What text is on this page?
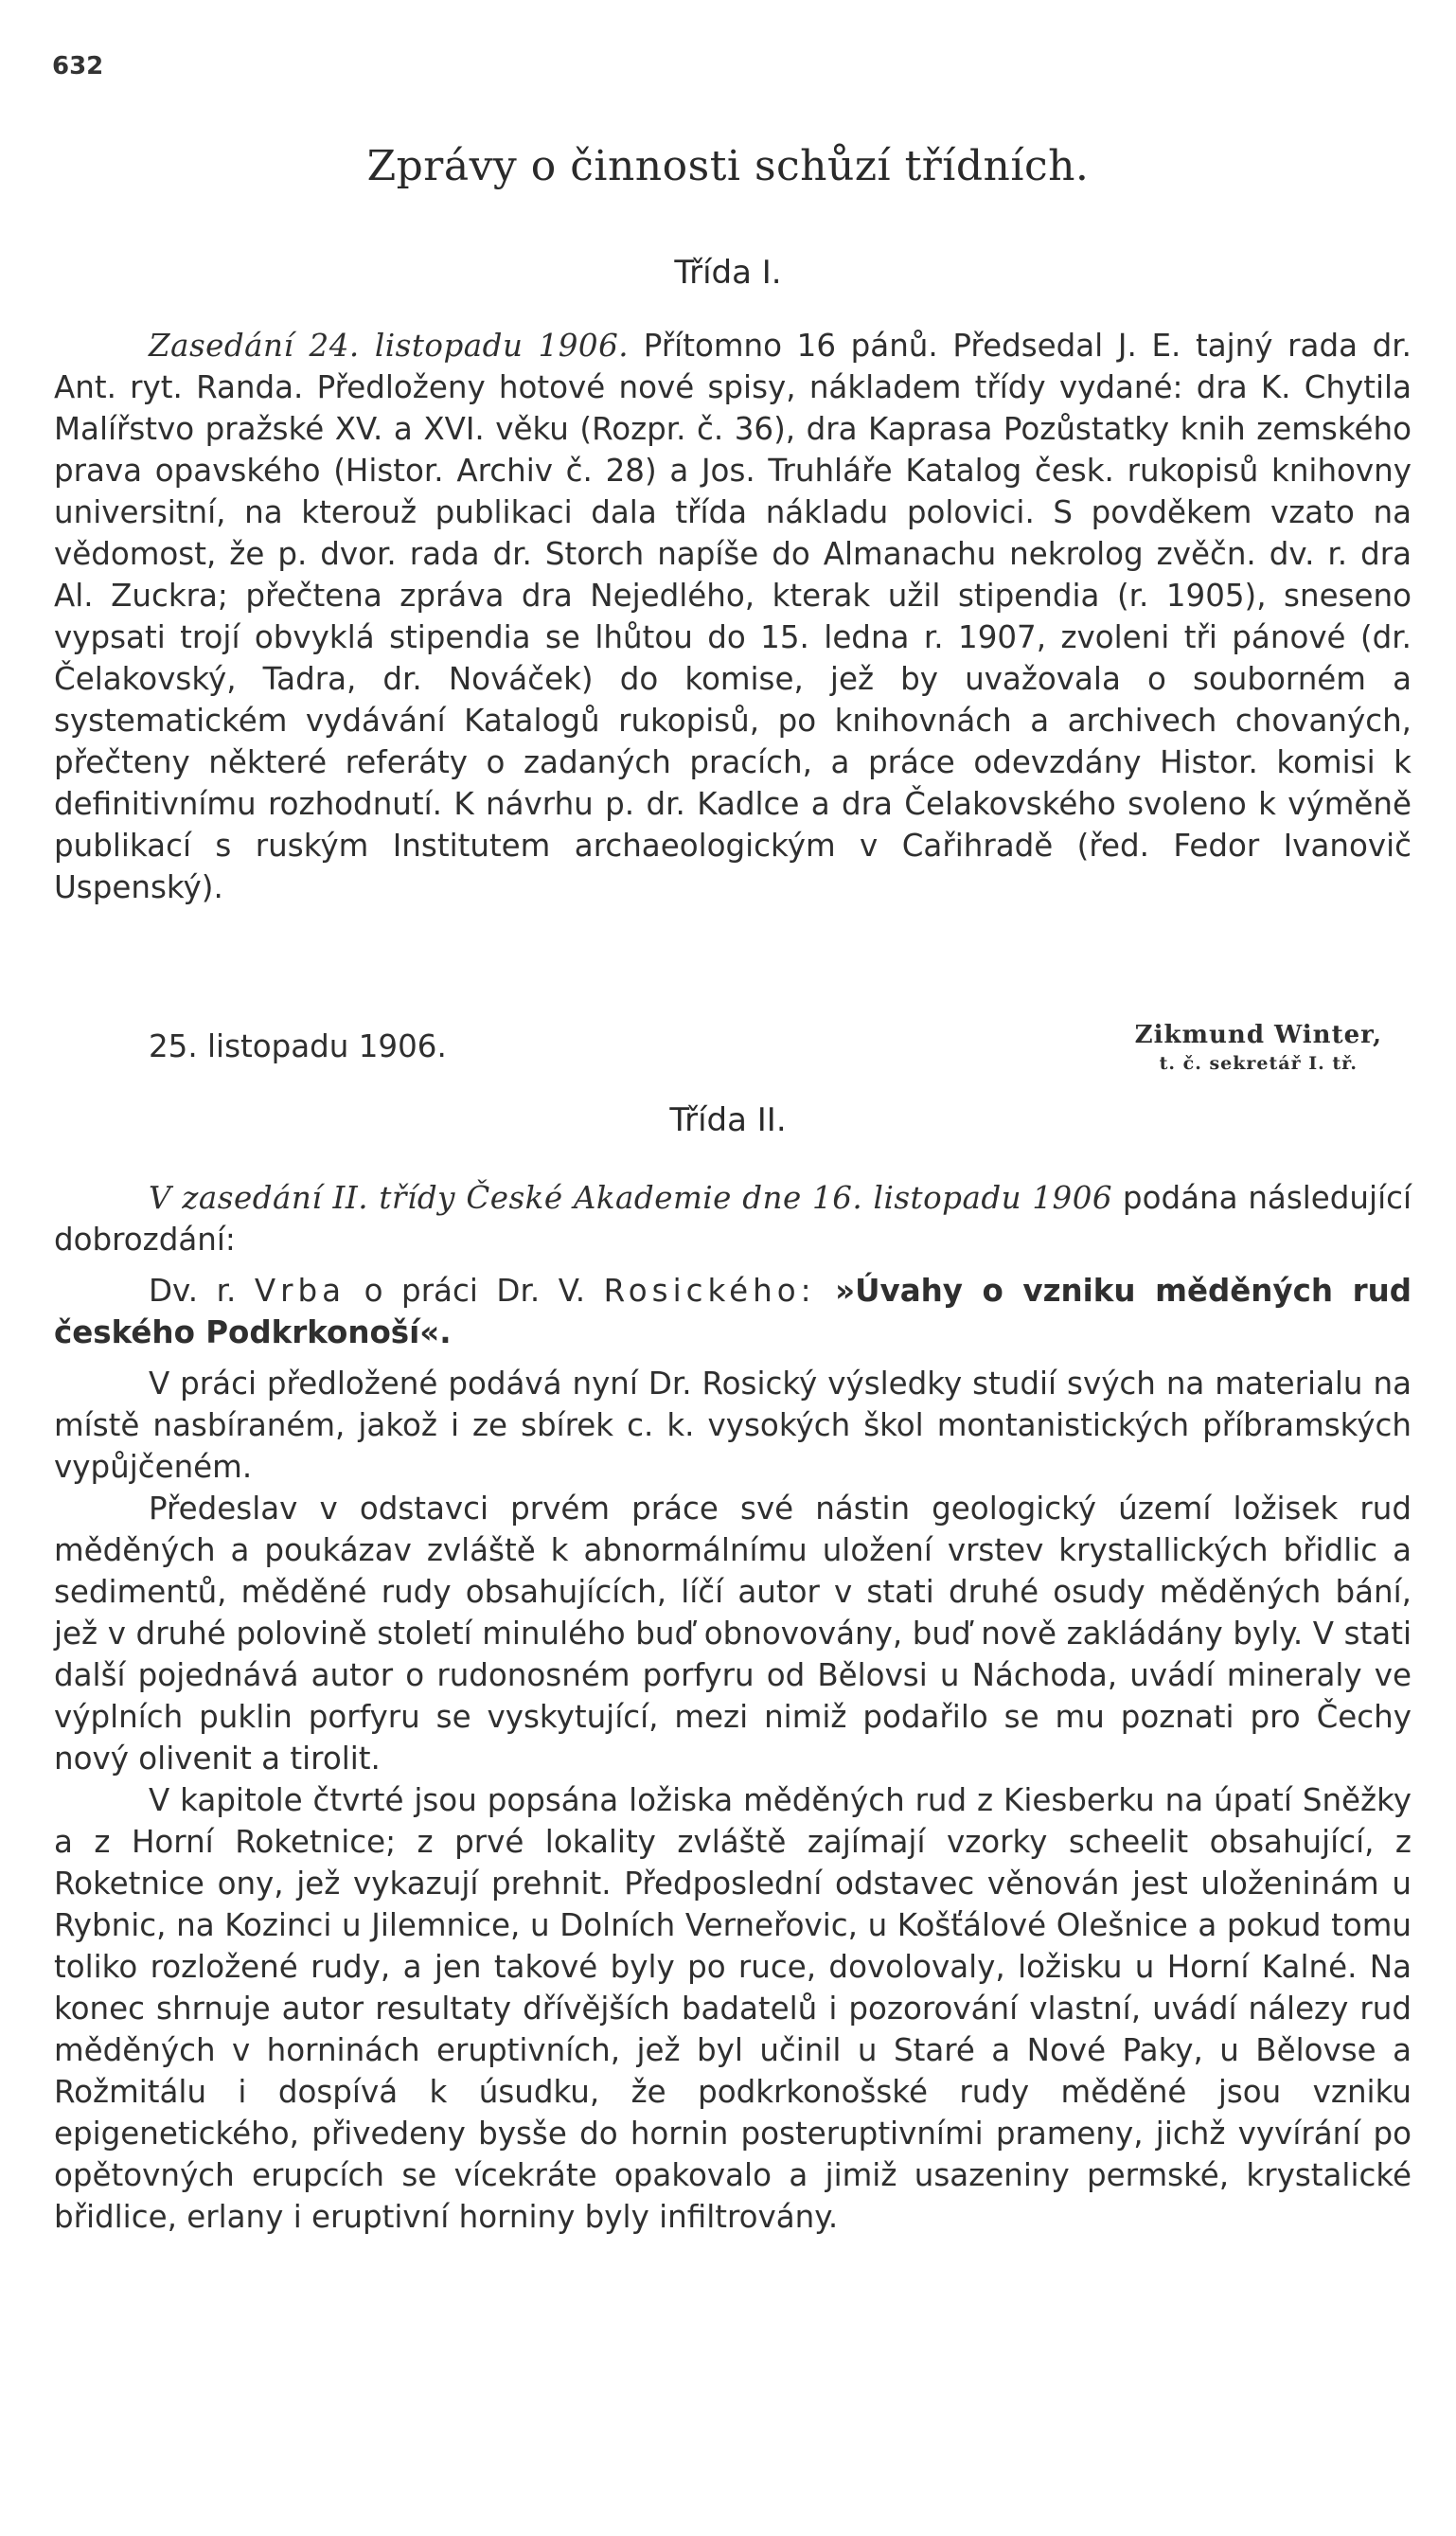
632
Zprávy o činnosti schůzí třídních.
Třída I.

Zasedání 24. listopadu 1906. Přítomno 16 pánů. Předsedal J. E. tajný rada dr. Ant. ryt. Randa. Předloženy hotové nové spisy, nákladem třídy vydané: dra K. Chytila Malířstvo pražské XV. a XVI. věku (Rozpr. č. 36), dra Kaprasa Pozůstatky knih zemského prava opavského (Histor. Archiv č. 28) a Jos. Truhláře Katalog česk. rukopisů knihovny universitní, na kterouž publikaci dala třída nákladu polovici. S povděkem vzato na vědomost, že p. dvor. rada dr. Storch napíše do Almanachu nekrolog zvěčn. dv. r. dra Al. Zuckra; přečtena zpráva dra Nejedlého, kterak užil stipendia (r. 1905), sneseno vypsati trojí obvyklá stipendia se lhůtou do 15. ledna r. 1907, zvoleni tři pánové (dr. Čelakovský, Tadra, dr. Nováček) do komise, jež by uvažovala o souborném a systematickém vydávání Katalogů rukopisů, po knihovnách a archivech chovaných, přečteny některé referáty o zadaných pracích, a práce odevzdány Histor. komisi k definitivnímu rozhodnutí. K návrhu p. dr. Kadlce a dra Čelakovského svoleno k výměně publikací s ruským Institutem archaeologickým v Cařihradě (řed. Fedor Ivanovič Uspenský).

25. listopadu 1906.	Zikmund Winter,
t. č. sekretář I. tř.
Třída II.

V zasedání II. třídy České Akademie dne 16. listopadu 1906 podána následující dobrozdání:

Dv. r. Vrba o práci Dr. V. Rosického: »Úvahy o vzniku měděných rud českého Podkrkonoší«.

V práci předložené podává nyní Dr. Rosický výsledky studií svých na materialu na místě nasbíraném, jakož i ze sbírek c. k. vysokých škol montanistických příbramských vypůjčeném.

Předeslav v odstavci prvém práce své nástin geologický území ložisek rud měděných a poukázav zvláště k abnormálnímu uložení vrstev krystallických břidlic a sedimentů, měděné rudy obsahujících, líčí autor v stati druhé osudy měděných bání, jež v druhé polovině století minulého buď obnovovány, buď nově zakládány byly. V stati další pojednává autor o rudonosném porfyru od Bělovsi u Náchoda, uvádí mineraly ve výplních puklin porfyru se vyskytující, mezi nimiž podařilo se mu poznati pro Čechy nový olivenit a tirolit.

V kapitole čtvrté jsou popsána ložiska měděných rud z Kiesberku na úpatí Sněžky a z Horní Roketnice; z prvé lokality zvláště zajímají vzorky scheelit obsahující, z Roketnice ony, jež vykazují prehnit. Předposlední odstavec věnován jest uloženinám u Rybnic, na Kozinci u Jilemnice, u Dolních Verneřovic, u Košťálové Olešnice a pokud tomu toliko rozložené rudy, a jen takové byly po ruce, dovolovaly, ložisku u Horní Kalné. Na konec shrnuje autor resultaty dřívějších badatelů i pozorování vlastní, uvádí nálezy rud měděných v horninách eruptivních, jež byl učinil u Staré a Nové Paky, u Bělovse a Rožmitálu i dospívá k úsudku, že podkrkonošské rudy měděné jsou vzniku epigenetického, přivedeny bysše do hornin posteruptivními prameny, jichž vyvírání po opětovných erupcích se vícekráte opakovalo a jimiž usazeniny permské, krystalické břidlice, erlany i eruptivní horniny byly infiltrovány.
